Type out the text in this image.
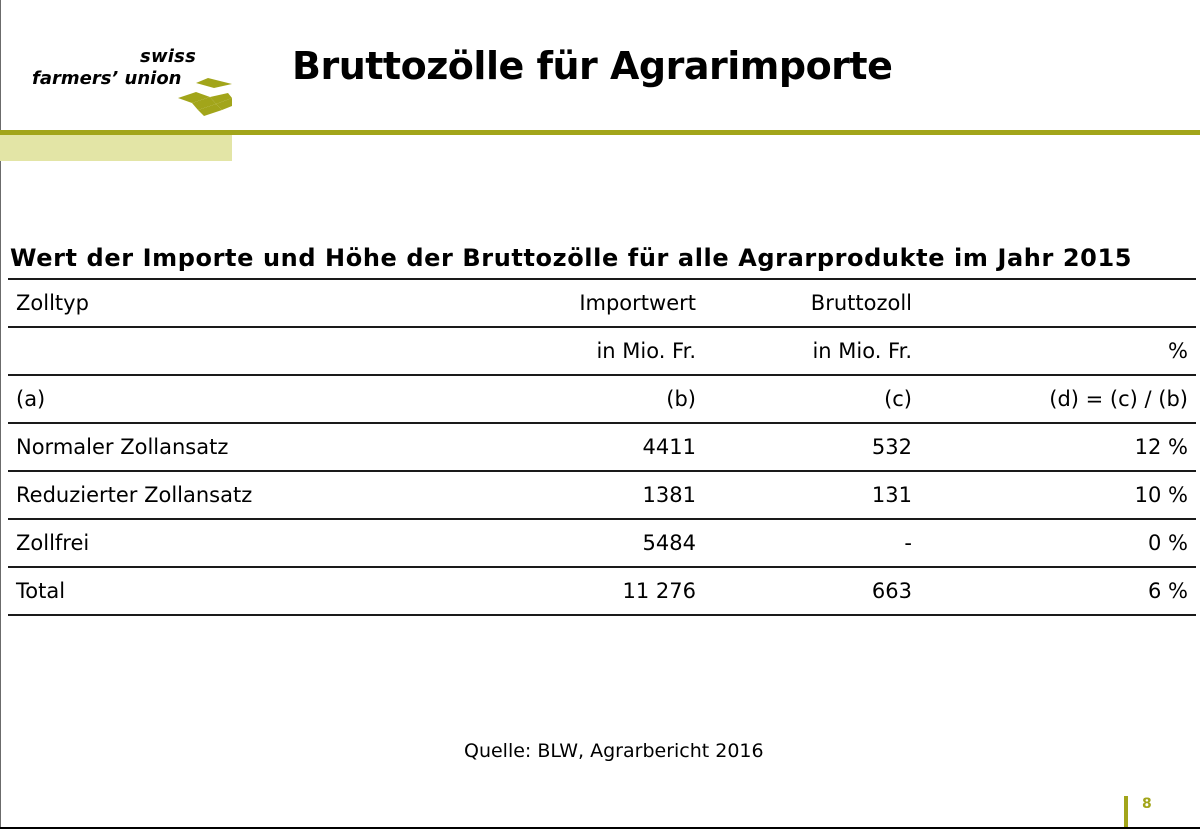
swiss
farmers’ union	Bruttozölle für Agrarimporte
Wert der Importe und Höhe der Bruttozölle für alle Agrarprodukte im Jahr 2015
Zolltyp	Importwert	Bruttozoll	
	in Mio. Fr.	in Mio. Fr.	%
(a)	(b)	(c)	(d) = (c) / (b)
Normaler Zollansatz	4411	532	12 %
Reduzierter Zollansatz	1381	131	10 %
Zollfrei	5484	-	0 %
Total	11 276	663	6 %
Quelle: BLW, Agrarbericht 2016
8
